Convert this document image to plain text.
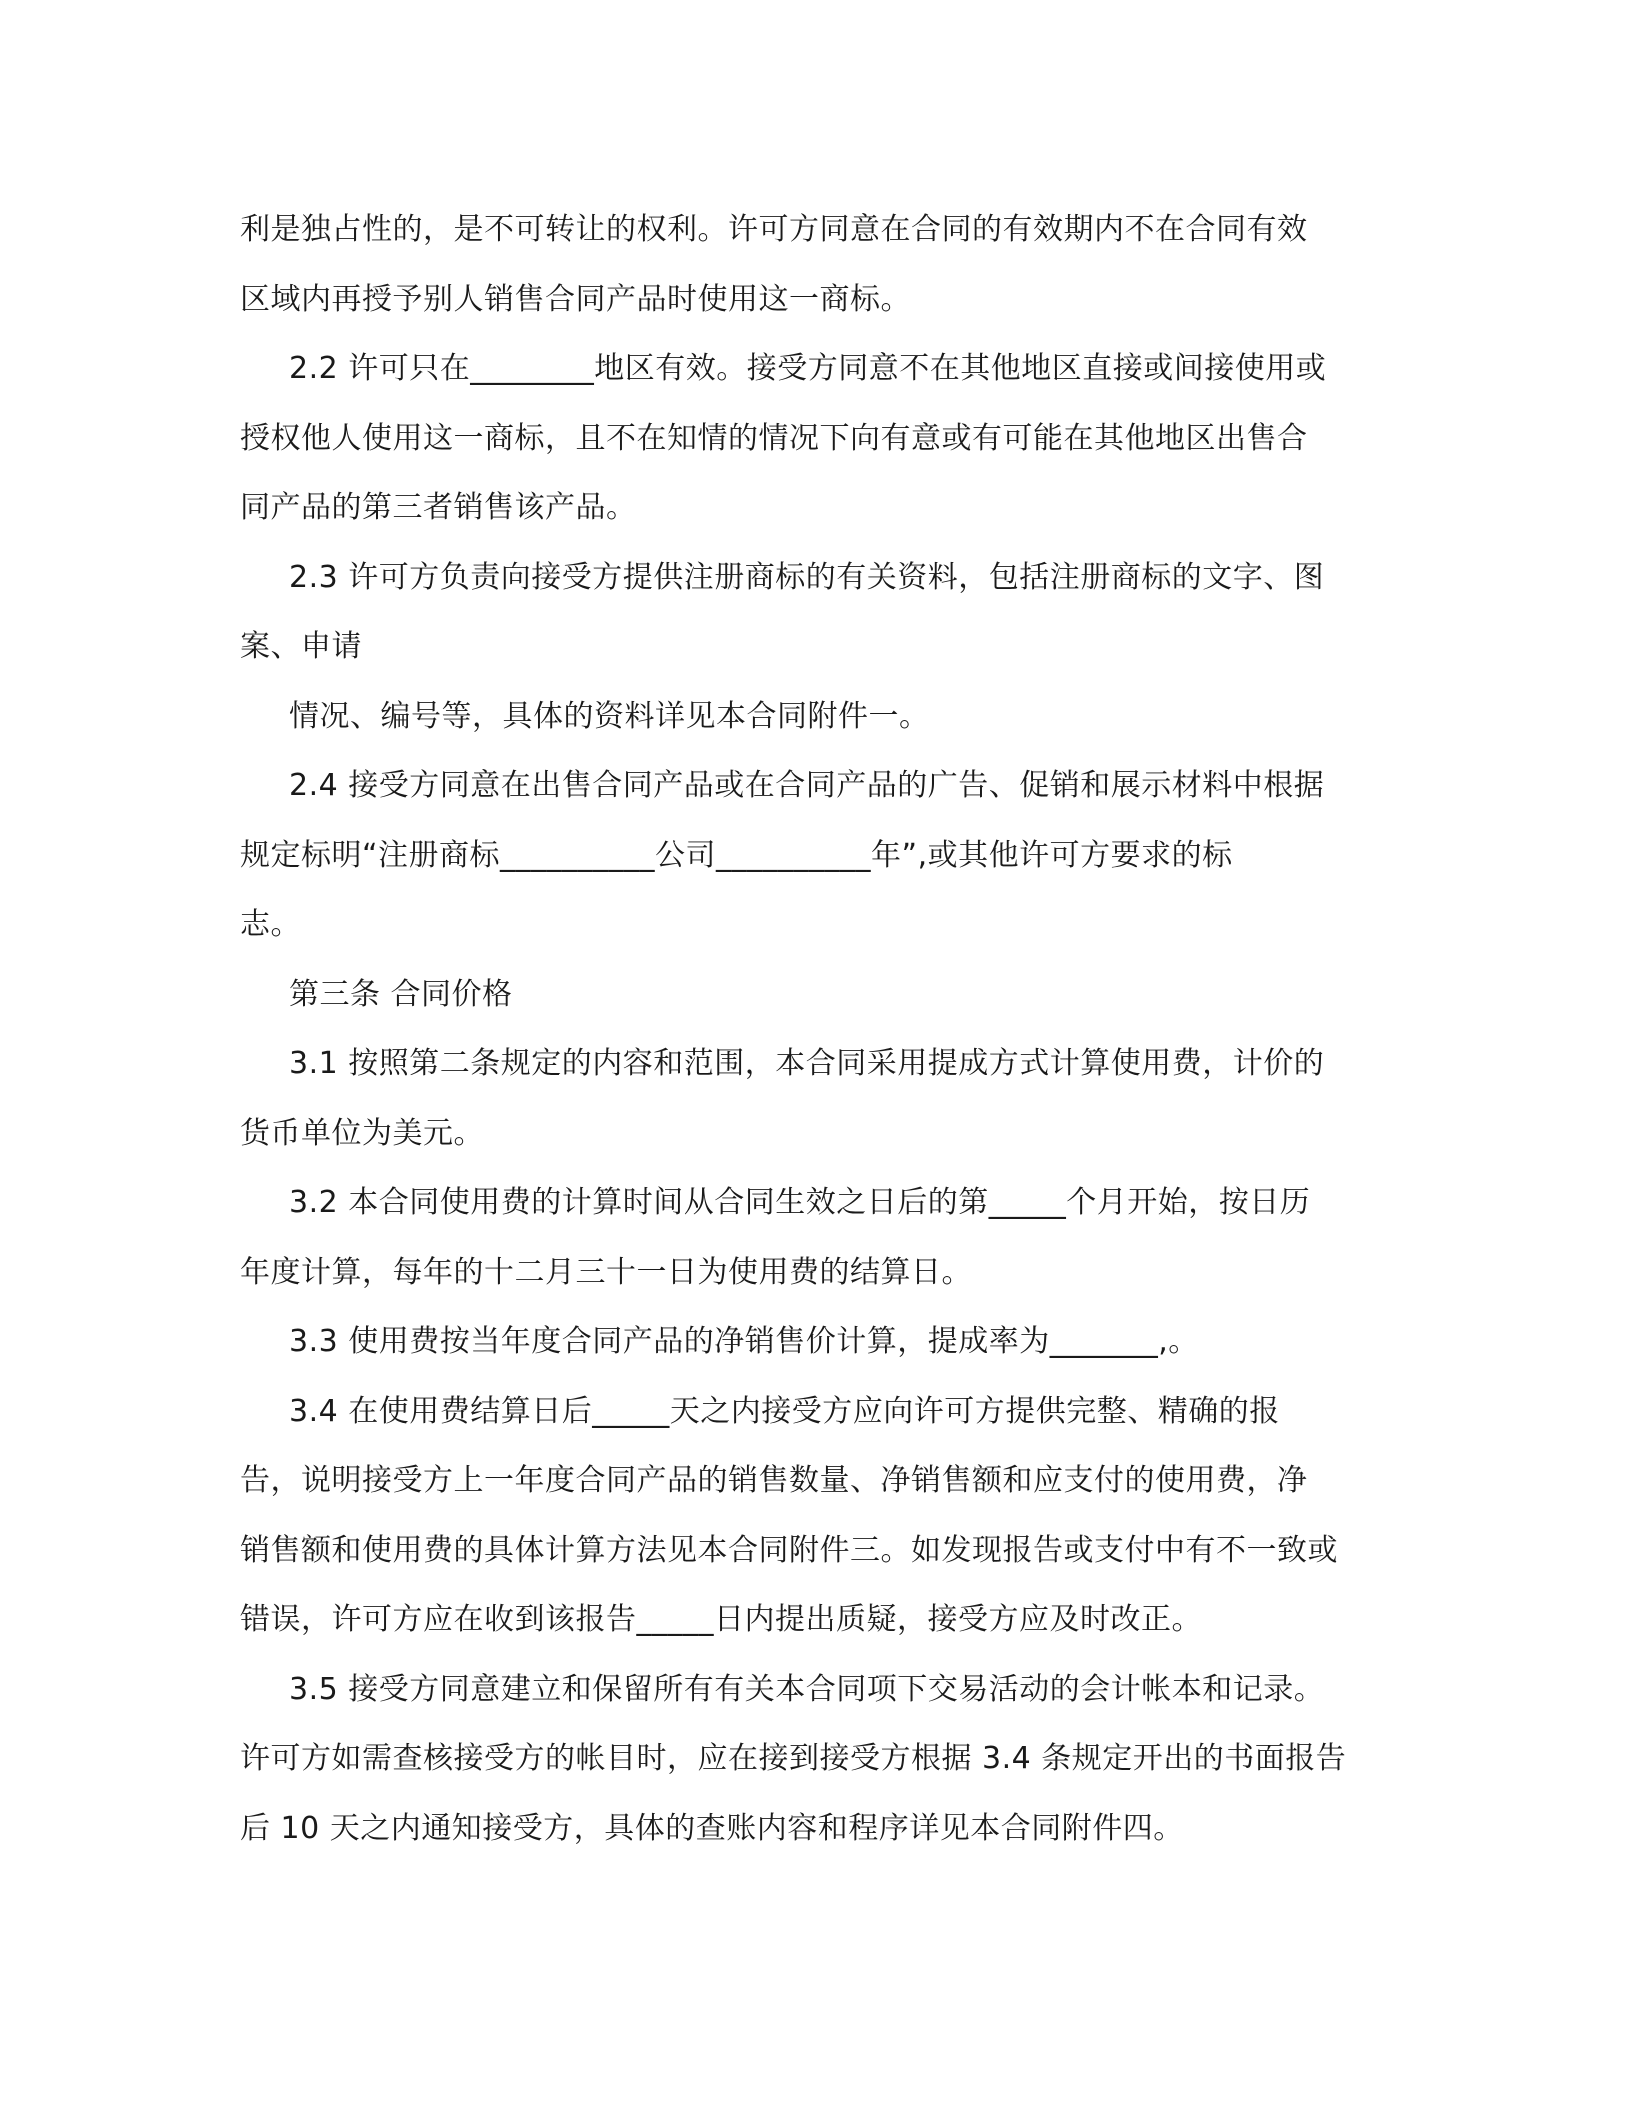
利是独占性的，是不可转让的权利。许可方同意在合同的有效期内不在合同有效
区域内再授予别人销售合同产品时使用这一商标。
2.2 许可只在________地区有效。接受方同意不在其他地区直接或间接使用或
授权他人使用这一商标，且不在知情的情况下向有意或有可能在其他地区出售合
同产品的第三者销售该产品。
2.3 许可方负责向接受方提供注册商标的有关资料，包括注册商标的文字、图
案、申请
情况、编号等，具体的资料详见本合同附件一。
2.4 接受方同意在出售合同产品或在合同产品的广告、促销和展示材料中根据
规定标明“注册商标__________公司__________年”,或其他许可方要求的标
志。
第三条 合同价格
3.1 按照第二条规定的内容和范围，本合同采用提成方式计算使用费，计价的
货币单位为美元。
3.2 本合同使用费的计算时间从合同生效之日后的第_____个月开始，按日历
年度计算，每年的十二月三十一日为使用费的结算日。
3.3 使用费按当年度合同产品的净销售价计算，提成率为_______,。
3.4 在使用费结算日后_____天之内接受方应向许可方提供完整、精确的报
告，说明接受方上一年度合同产品的销售数量、净销售额和应支付的使用费，净
销售额和使用费的具体计算方法见本合同附件三。如发现报告或支付中有不一致或
错误，许可方应在收到该报告_____日内提出质疑，接受方应及时改正。
3.5 接受方同意建立和保留所有有关本合同项下交易活动的会计帐本和记录。
许可方如需查核接受方的帐目时，应在接到接受方根据 3.4 条规定开出的书面报告
后 10 天之内通知接受方，具体的查账内容和程序详见本合同附件四。
